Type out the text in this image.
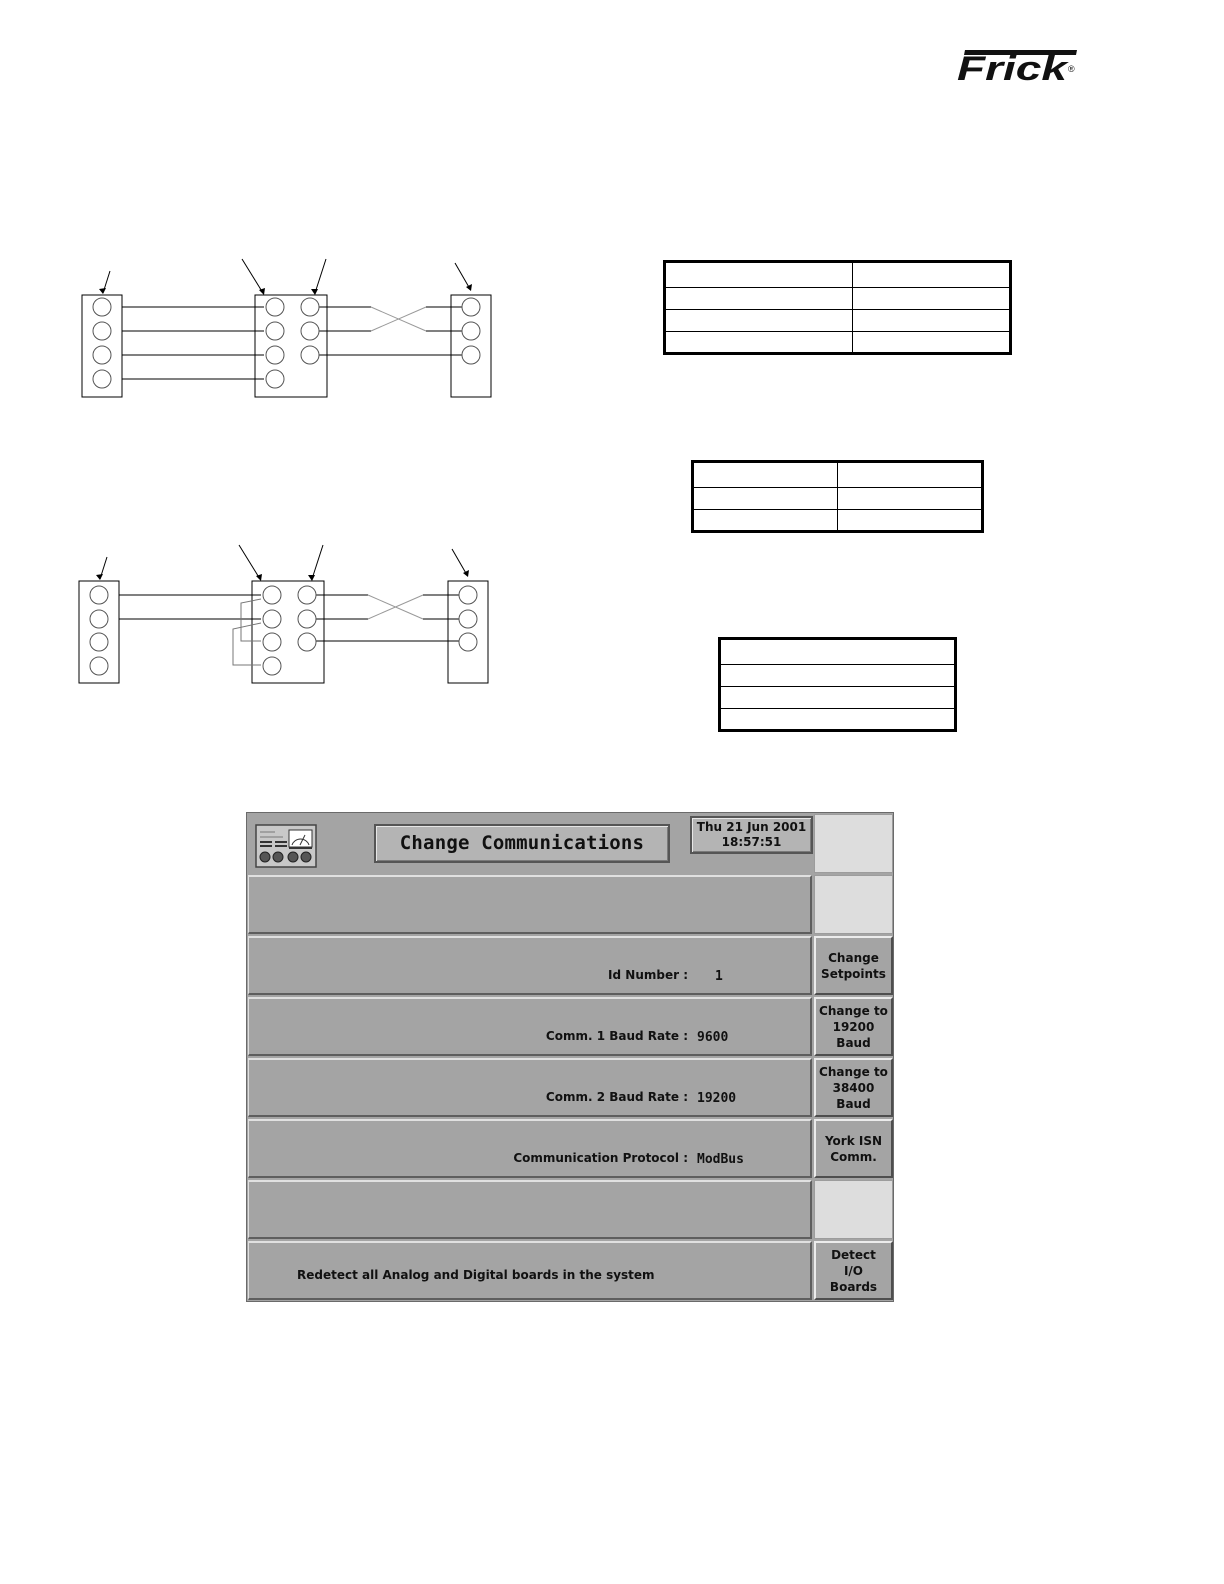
Frick
®

Change Communications
Thu 21 Jun 2001
18:57:51
Id Number : 1
Comm. 1 Baud Rate : 9600
Comm. 2 Baud Rate : 19200
Communication Protocol : ModBus
Redetect all Analog and Digital boards in the system
Change
Setpoints
Change to
19200
Baud
Change to
38400
Baud
York ISN
Comm.
Detect
I/O
Boards
